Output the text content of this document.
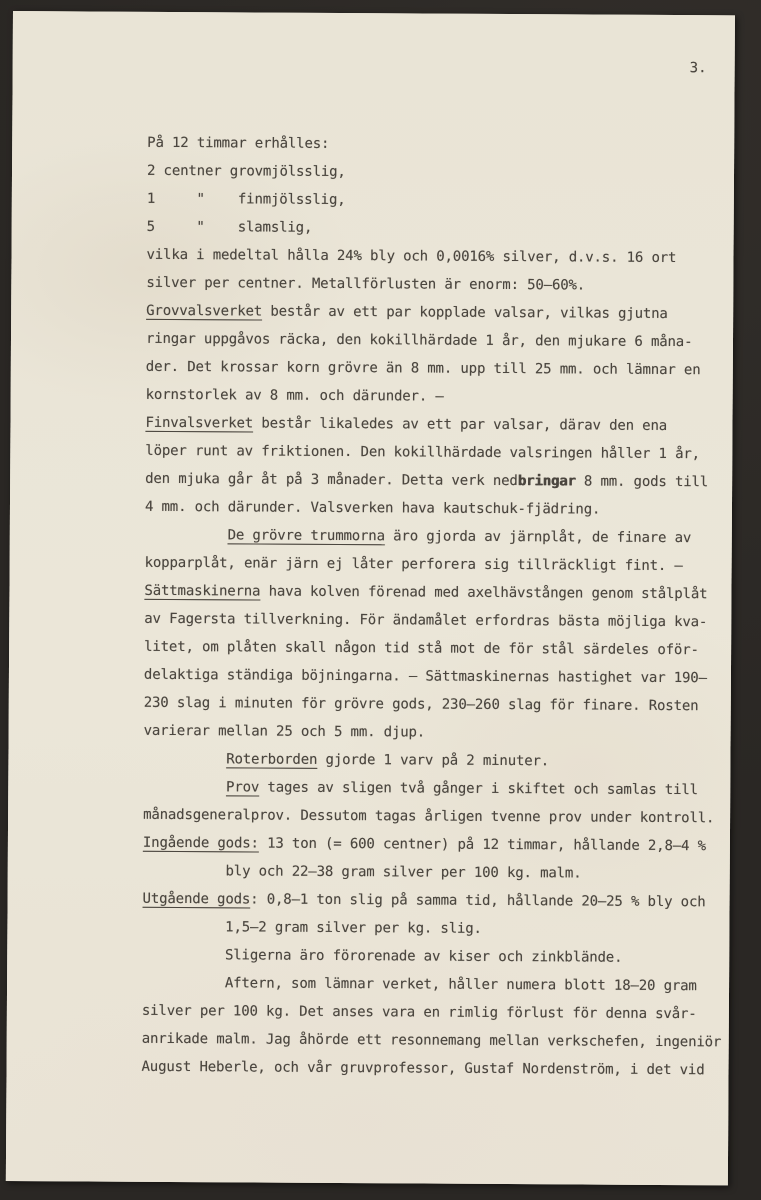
3.
På 12 timmar erhålles:
2 centner grovmjölsslig,
1     "    finmjölsslig,
5     "    slamslig,
vilka i medeltal hålla 24% bly och 0,0016% silver, d.v.s. 16 ort
silver per centner. Metallförlusten är enorm: 50–60%.
Grovvalsverket består av ett par kopplade valsar, vilkas gjutna
ringar uppgåvos räcka, den kokillhärdade 1 år, den mjukare 6 måna-
der. Det krossar korn grövre än 8 mm. upp till 25 mm. och lämnar en
kornstorlek av 8 mm. och därunder. –
Finvalsverket består likaledes av ett par valsar, därav den ena
löper runt av friktionen. Den kokillhärdade valsringen håller 1 år,
den mjuka går åt på 3 månader. Detta verk nedbringar 8 mm. gods till
4 mm. och därunder. Valsverken hava kautschuk-fjädring.
De grövre trummorna äro gjorda av järnplåt, de finare av
kopparplåt, enär järn ej låter perforera sig tillräckligt fint. –
Sättmaskinerna hava kolven förenad med axelhävstången genom stålplåt
av Fagersta tillverkning. För ändamålet erfordras bästa möjliga kva-
litet, om plåten skall någon tid stå mot de för stål särdeles oför-
delaktiga ständiga böjningarna. – Sättmaskinernas hastighet var 190–
230 slag i minuten för grövre gods, 230–260 slag för finare. Rosten
varierar mellan 25 och 5 mm. djup.
Roterborden gjorde 1 varv på 2 minuter.
Prov tages av sligen två gånger i skiftet och samlas till
månadsgeneralprov. Dessutom tagas årligen tvenne prov under kontroll.
Ingående gods: 13 ton (= 600 centner) på 12 timmar, hållande 2,8–4 %
bly och 22–38 gram silver per 100 kg. malm.
Utgående gods: 0,8–1 ton slig på samma tid, hållande 20–25 % bly och
1,5–2 gram silver per kg. slig.
Sligerna äro förorenade av kiser och zinkblände.
Aftern, som lämnar verket, håller numera blott 18–20 gram
silver per 100 kg. Det anses vara en rimlig förlust för denna svår-
anrikade malm. Jag åhörde ett resonnemang mellan verkschefen, ingeniör
August Heberle, och vår gruvprofessor, Gustaf Nordenström, i det vid
